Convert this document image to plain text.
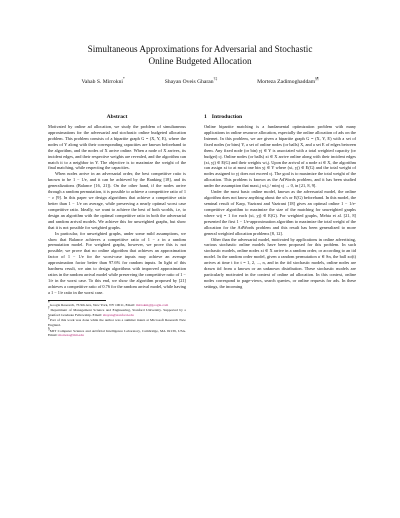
Simultaneous Approximations for Adversarial and Stochastic
Online Budgeted Allocation
Vahab S. Mirrokni*	Shayan Oveis Gharan†‡	Morteza Zadimoghaddam§¶
Abstract

Motivated by online ad allocation, we study the problem of simultaneous approximations for the adversarial and stochastic online budgeted allocation problem. This problem consists of a bipartite graph G = (X, Y, E), where the nodes of Y along with their corresponding capacities are known beforehand to the algorithm, and the nodes of X arrive online. When a node of X arrives, its incident edges, and their respective weights are revealed, and the algorithm can match it to a neighbor in Y. The objective is to maximize the weight of the final matching, while respecting the capacities.

When nodes arrive in an adversarial order, the best competitive ratio is known to be 1 − 1/e, and it can be achieved by the Ranking [18], and its generalizations (Balance [16, 21]). On the other hand, if the nodes arrive through a random permutation, it is possible to achieve a competitive ratio of 1 − ε [9]. In this paper we design algorithms that achieve a competitive ratio better than 1 − 1/e on average, while preserving a nearly optimal worst case competitive ratio. Ideally, we want to achieve the best of both worlds, i.e, to design an algorithm with the optimal competitive ratio in both the adversarial and random arrival models. We achieve this for unweighted graphs, but show that it is not possible for weighted graphs.

In particular, for unweighted graphs, under some mild assumptions, we show that Balance achieves a competitive ratio of 1 − ε in a random permutation model. For weighted graphs, however, we prove this is not possible; we prove that no online algorithm that achieves an approximation factor of 1 − 1/e for the worst-case inputs may achieve an average approximation factor better than 97.6% for random inputs. In light of this hardness result, we aim to design algorithms with improved approximation ratios in the random arrival model while preserving the competitive ratio of 1 − 1/e in the worst case. To this end, we show the algorithm proposed by [21] achieves a competitive ratio of 0.76 for the random arrival model, while having a 1 − 1/e ratio in the worst case.

*Google Research, 76 9th Ave, New York, NY 10011, Email: mirrokni@google.com
†Department of Management Science and Engineering, Stanford University. Supported by a Stanford Graduate Fellowship. Email: shayan@stanford.edu
‡Part of this work was done while the author was a summer intern at Microsoft Research New England.
§MIT Computer Science and Artificial Intelligence Laboratory, Cambridge, MA 02139, USA. Email: morteza@mit.edu
1 Introduction

Online bipartite matching is a fundamental optimization problem with many applications in online resource allocation, especially the online allocation of ads on the Internet. In this problem, we are given a bipartite graph G = (X, Y, E) with a set of fixed nodes (or bins) Y, a set of online nodes (or balls) X, and a set E of edges between them. Any fixed node (or bin) yj ∈ Y is associated with a total weighted capacity (or budget) cj. Online nodes (or balls) xi ∈ X arrive online along with their incident edges (xi, yj) ∈ E(G) and their weights wi,j. Upon the arrival of a node xi ∈ X, the algorithm can assign xi to at most one bin yj ∈ Y where (xi, yj) ∈ E(G) and the total weight of nodes assigned to yj does not exceed cj. The goal is to maximize the total weight of the allocation. This problem is known as the AdWords problem, and it has been studied under the assumption that maxi,j wi,j / minj cj → 0, in [21, 8, 9].

Under the most basic online model, known as the adversarial model, the online algorithm does not know anything about the xi's or E(G) beforehand. In this model, the seminal result of Karp, Vazirani and Vazirani [18] gives an optimal online 1 − 1/e-competitive algorithm to maximize the size of the matching for unweighted graphs where wij = 1 for each (xi, yj) ∈ E(G). For weighted graphs, Mehta et al. [21, 8] presented the first 1 − 1/e-approximation algorithm to maximize the total weight of the allocation for the AdWords problem and this result has been generalized to more general weighted allocation problems [8, 12].

Other than the adversarial model, motivated by applications in online advertising, various stochastic online models have been proposed for this problem. In such stochastic models, online nodes xi ∈ X arrive in a random order, or according to an iid model. In the random order model, given a random permutation σ ∈ Sn, the ball xσ(t) arrives at time t for t = 1, 2, ..., n, and in the iid stochastic models, online nodes are drawn iid from a known or an unknown distribution. These stochastic models are particularly motivated in the context of online ad allocation. In this context, online nodes correspond to page-views, search queries, or online requests for ads. In these settings, the incoming
